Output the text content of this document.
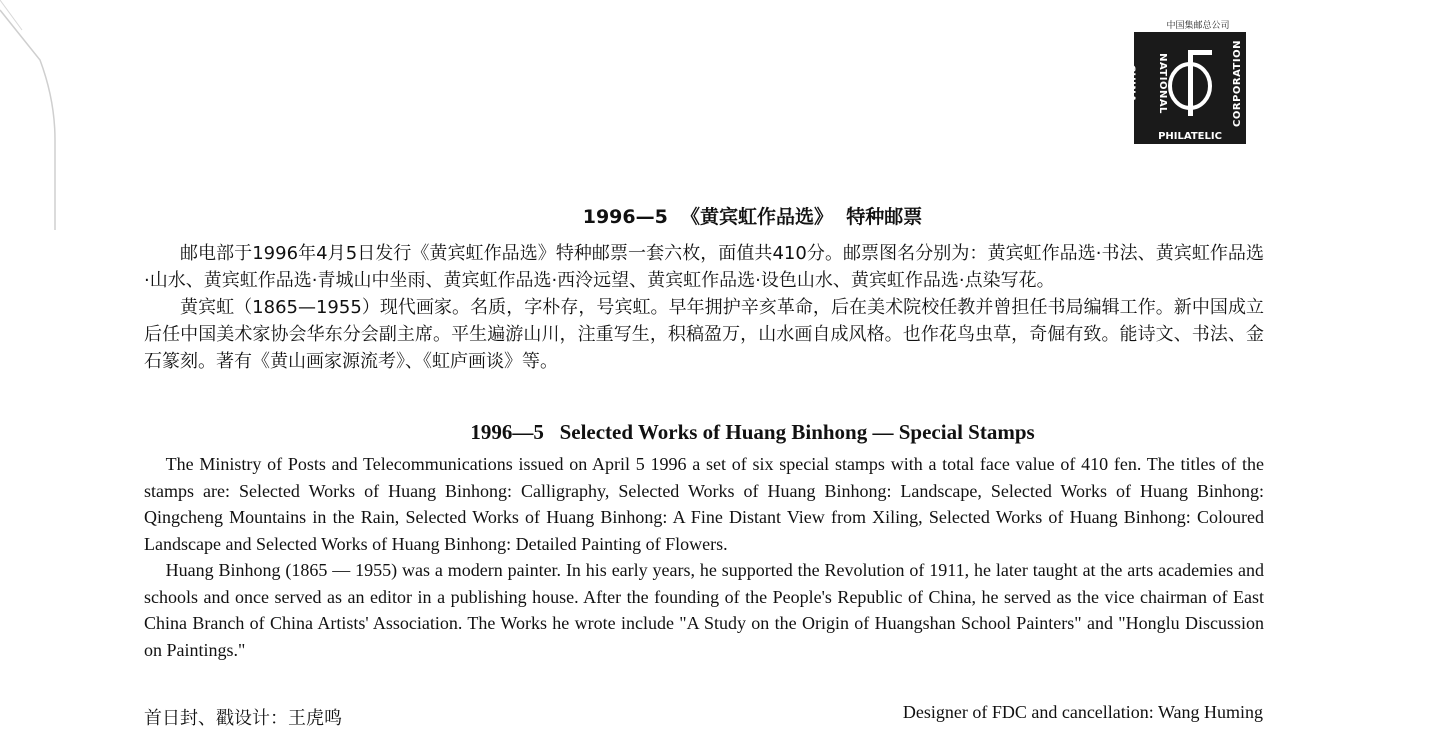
中国集邮总公司
CHINA NATIONAL	CORPORATION
PHILATELIC
1996—5  《黄宾虹作品选》  特种邮票

邮电部于1996年4月5日发行《黄宾虹作品选》特种邮票一套六枚，面值共410分。邮票图名分别为：黄宾虹作品选·书法、黄宾虹作品选·山水、黄宾虹作品选·青城山中坐雨、黄宾虹作品选·西泠远望、黄宾虹作品选·设色山水、黄宾虹作品选·点染写花。

黄宾虹（1865—1955）现代画家。名质，字朴存，号宾虹。早年拥护辛亥革命，后在美术院校任教并曾担任书局编辑工作。新中国成立后任中国美术家协会华东分会副主席。平生遍游山川，注重写生，积稿盈万，山水画自成风格。也作花鸟虫草，奇倔有致。能诗文、书法、金石篆刻。著有《黄山画家源流考》、《虹庐画谈》等。

1996—5   Selected Works of Huang Binhong — Special Stamps

The Ministry of Posts and Telecommunications issued on April 5 1996 a set of six special stamps with a total face value of 410 fen. The titles of the stamps are: Selected Works of Huang Binhong: Calligraphy, Selected Works of Huang Binhong: Landscape, Selected Works of Huang Binhong: Qingcheng Mountains in the Rain, Selected Works of Huang Binhong: A Fine Distant View from Xiling, Selected Works of Huang Binhong: Coloured Landscape and Selected Works of Huang Binhong: Detailed Painting of Flowers.

Huang Binhong (1865 — 1955) was a modern painter. In his early years, he supported the Revolution of 1911, he later taught at the arts academies and schools and once served as an editor in a publishing house. After the founding of the People's Republic of China, he served as the vice chairman of East China Branch of China Artists' Association. The Works he wrote include "A Study on the Origin of Huangshan School Painters" and "Honglu Discussion on Paintings."

首日封、戳设计：王虎鸣	Designer of FDC and cancellation: Wang Huming
